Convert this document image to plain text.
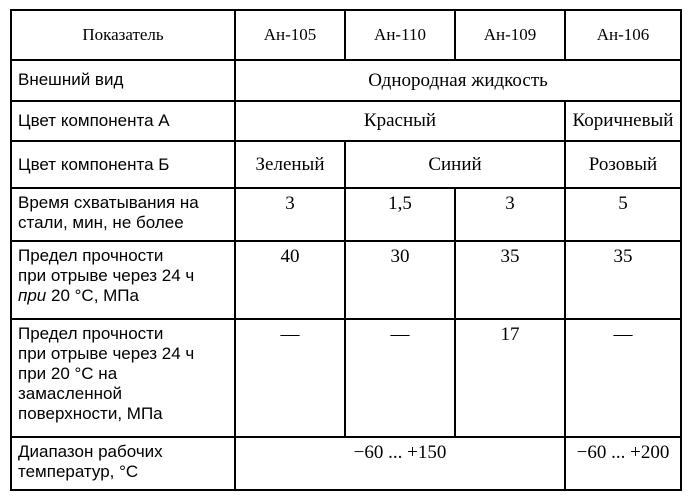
Показатель	Ан-105	Ан-110	Ан-109	Ан-106
Внешний вид	Однородная жидкость			
Цвет компонента А	Красный			Коричневый
Цвет компонента Б	Зеленый	Синий		Розовый

Время схватывания на
стали, мин, не более	3	1,5	3	5

Предел прочности
при отрыве через 24 ч
при 20 °С, МПа	40	30	35	35

Предел прочности
при отрыве через 24 ч
при 20 °С на
замасленной
поверхности, МПа	—	—	17	—

Диапазон рабочих
температур, °С	−60 ... +150			−60 ... +200
